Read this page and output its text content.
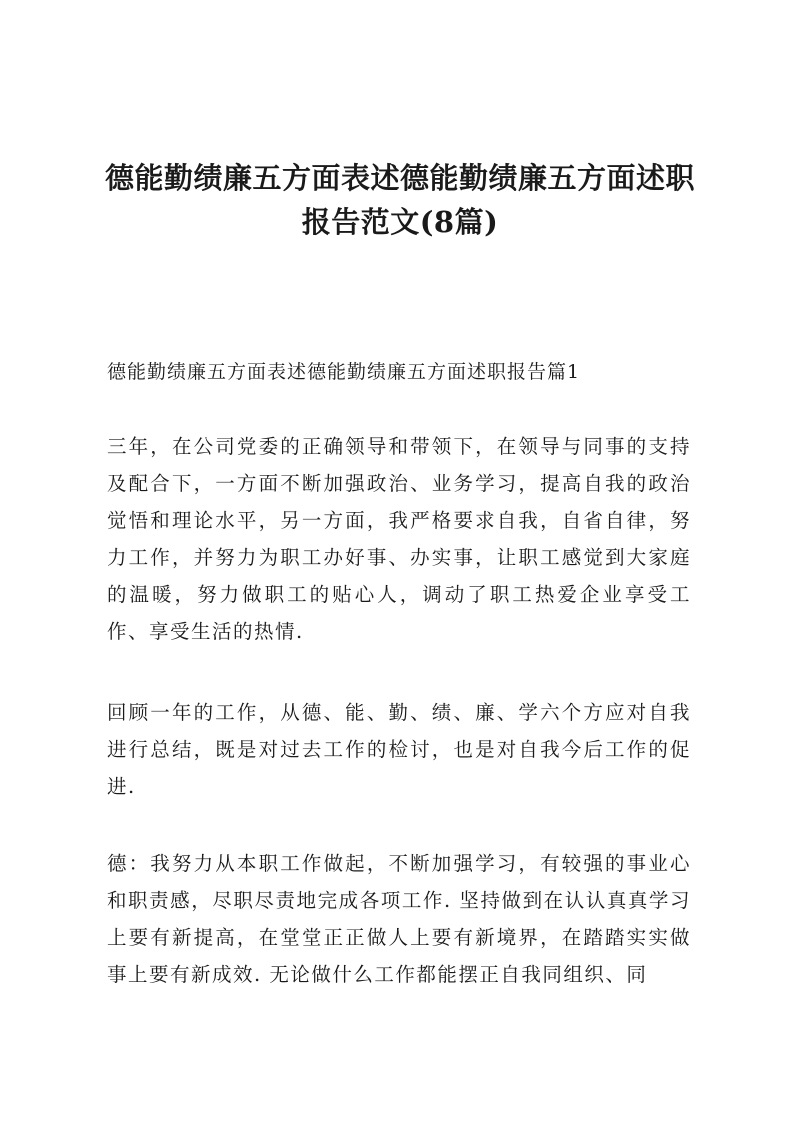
德能勤绩廉五方面表述德能勤绩廉五方面述职报告范文(8篇)
德能勤绩廉五方面表述德能勤绩廉五方面述职报告篇1

三年，在公司党委的正确领导和带领下，在领导与同事的支持及配合下，一方面不断加强政治、业务学习，提高自我的政治觉悟和理论水平，另一方面，我严格要求自我，自省自律，努力工作，并努力为职工办好事、办实事，让职工感觉到大家庭的温暖，努力做职工的贴心人，调动了职工热爱企业享受工作、享受生活的热情.

回顾一年的工作，从德、能、勤、绩、廉、学六个方应对自我进行总结，既是对过去工作的检讨，也是对自我今后工作的促进.

德：我努力从本职工作做起，不断加强学习，有较强的事业心和职责感，尽职尽责地完成各项工作. 坚持做到在认认真真学习上要有新提高，在堂堂正正做人上要有新境界，在踏踏实实做事上要有新成效. 无论做什么工作都能摆正自我同组织、同
